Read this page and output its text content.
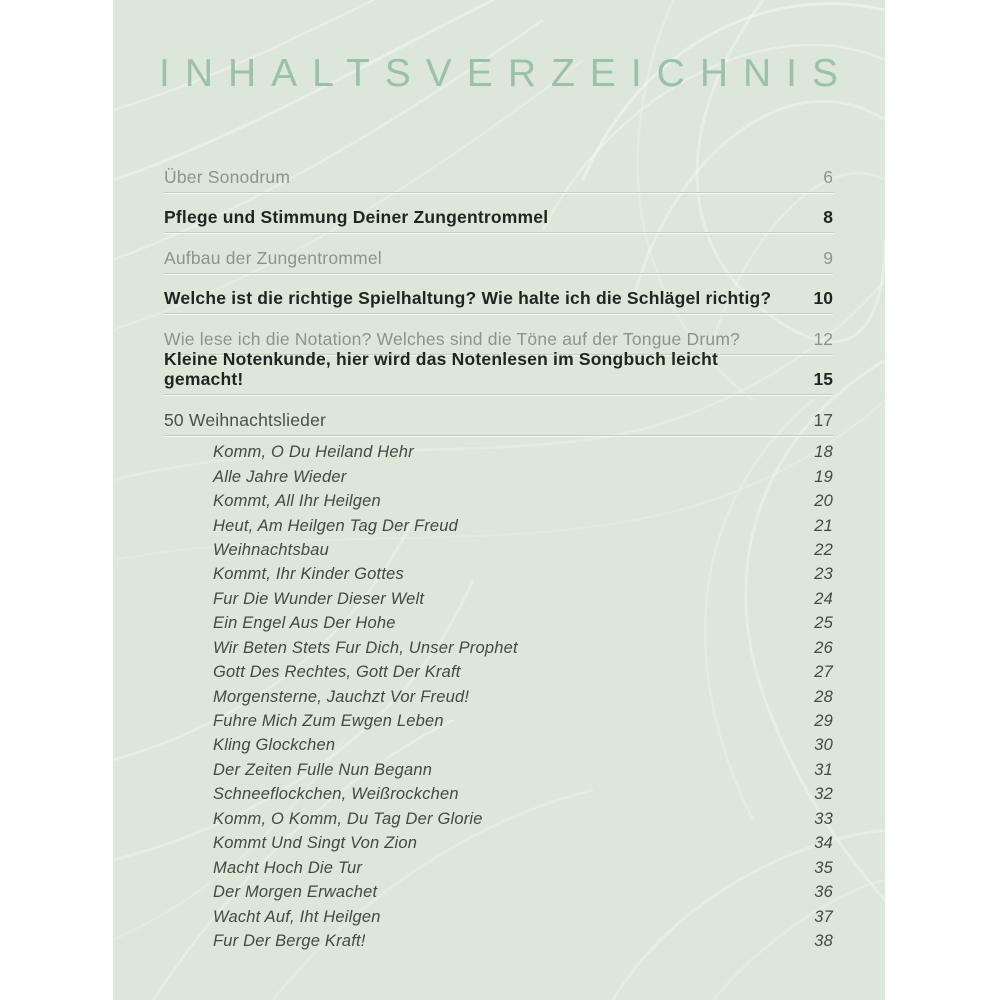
INHALTSVERZEICHNIS
Über Sonodrum	6
Pflege und Stimmung Deiner Zungentrommel	8
Aufbau der Zungentrommel	9
Welche ist die richtige Spielhaltung? Wie halte ich die Schlägel richtig? 10
Wie lese ich die Notation? Welches sind die Töne auf der Tongue Drum?	12
Kleine Notenkunde, hier wird das Notenlesen im Songbuch leicht gemacht!	15
50 Weihnachtslieder	17
Komm, O Du Heiland Hehr	18
Alle Jahre Wieder	19
Kommt, All Ihr Heilgen	20
Heut, Am Heilgen Tag Der Freud	21
Weihnachtsbau	22
Kommt, Ihr Kinder Gottes	23
Fur Die Wunder Dieser Welt	24
Ein Engel Aus Der Hohe	25
Wir Beten Stets Fur Dich, Unser Prophet	26
Gott Des Rechtes, Gott Der Kraft	27
Morgensterne, Jauchzt Vor Freud!	28
Fuhre Mich Zum Ewgen Leben	29
Kling Glockchen	30
Der Zeiten Fulle Nun Begann	31
Schneeflockchen, Weißrockchen	32
Komm, O Komm, Du Tag Der Glorie	33
Kommt Und Singt Von Zion	34
Macht Hoch Die Tur	35
Der Morgen Erwachet	36
Wacht Auf, Iht Heilgen	37
Fur Der Berge Kraft!	38
